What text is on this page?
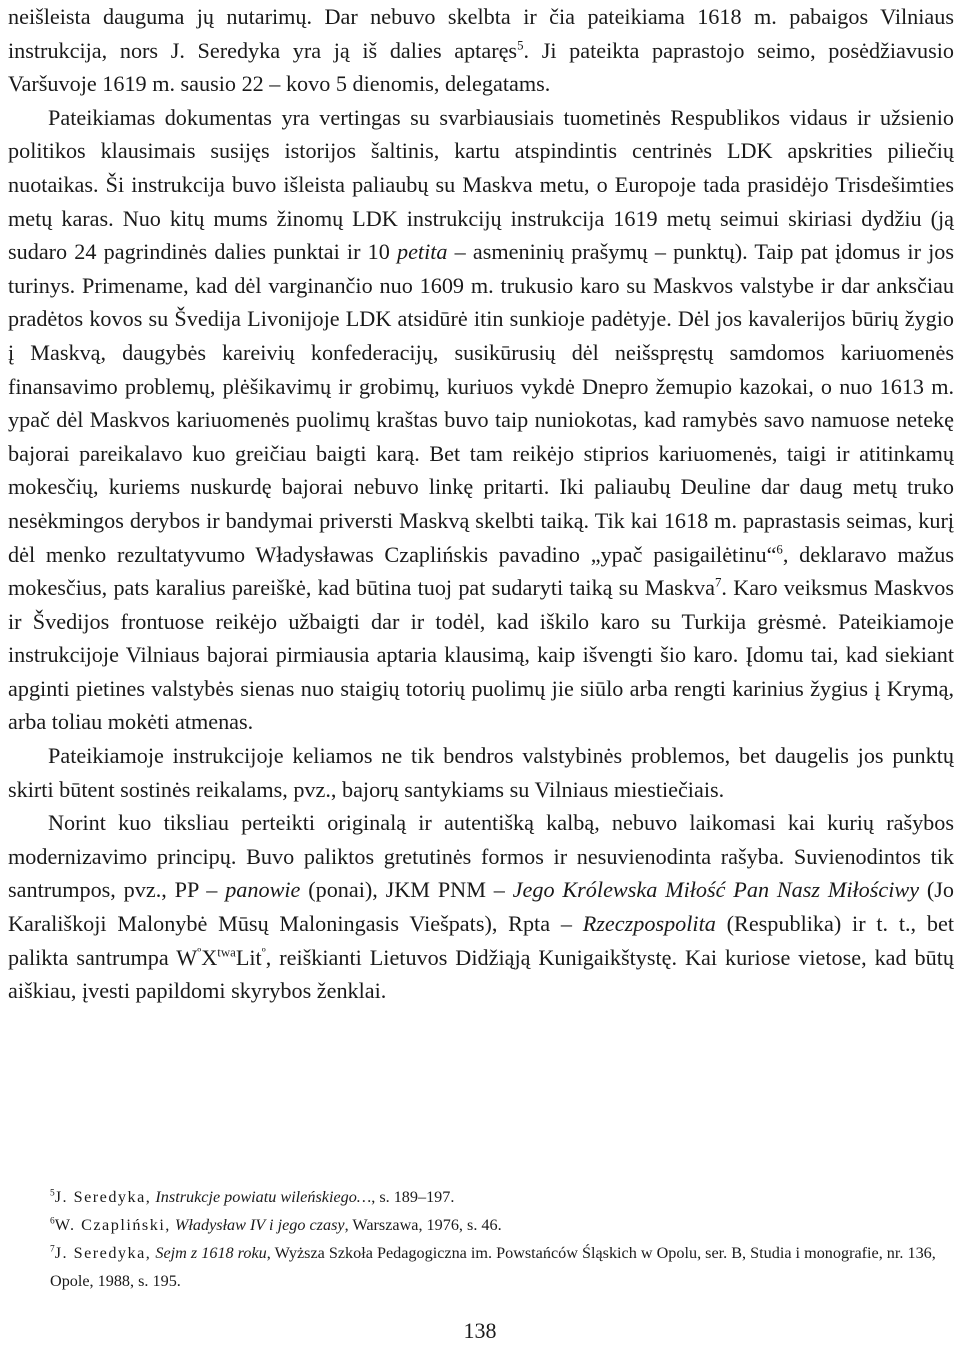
neišleista dauguma jų nutarimų. Dar nebuvo skelbta ir čia pateikiama 1618 m. pabaigos Vilniaus instrukcija, nors J. Seredyka yra ją iš dalies aptaręs$^5$. Ji pateikta paprastojo seimo, posėdžiavusio Varšuvoje 1619 m. sausio 22 – kovo 5 dienomis, delegatams.

Pateikiamas dokumentas yra vertingas su svarbiausiais tuometinės Respublikos vidaus ir užsienio politikos klausimais susijęs istorijos šaltinis, kartu atspindintis centrinės LDK apskrities piliečių nuotaikas. Ši instrukcija buvo išleista paliaubų su Maskva metu, o Europoje tada prasidėjo Trisdešimties metų karas. Nuo kitų mums žinomų LDK instrukcijų instrukcija 1619 metų seimui skiriasi dydžiu (ją sudaro 24 pagrindinės dalies punktai ir 10 petita – asmeninių prašymų – punktų). Taip pat įdomus ir jos turinys. Primename, kad dėl varginančio nuo 1609 m. trukusio karo su Maskvos valstybe ir dar anksčiau pradėtos kovos su Švedija Livonijoje LDK atsidūrė itin sunkioje padėtyje. Dėl jos kavalerijos būrių žygio į Maskvą, daugybės kareivių konfederacijų, susikūrusių dėl neišspręstų samdomos kariuomenės finansavimo problemų, plėšikavimų ir grobimų, kuriuos vykdė Dnepro žemupio kazokai, o nuo 1613 m. ypač dėl Maskvos kariuomenės puolimų kraštas buvo taip nuniokotas, kad ramybės savo namuose netekę bajorai pareikalavo kuo greičiau baigti karą. Bet tam reikėjo stiprios kariuomenės, taigi ir atitinkamų mokesčių, kuriems nuskurdę bajorai nebuvo linkę pritarti. Iki paliaubų Deuline dar daug metų truko nesėkmingos derybos ir bandymai priversti Maskvą skelbti taiką. Tik kai 1618 m. paprastasis seimas, kurį dėl menko rezultatyvumo Władysławas Czaplińskis pavadino „ypač pasigailėtinu“$^6$, deklaravo mažus mokesčius, pats karalius pareiškė, kad būtina tuoj pat sudaryti taiką su Maskva$^7$. Karo veiksmus Maskvos ir Švedijos frontuose reikėjo užbaigti dar ir todėl, kad iškilo karo su Turkija grėsmė. Pateikiamoje instrukcijoje Vilniaus bajorai pirmiausia aptaria klausimą, kaip išvengti šio karo. Įdomu tai, kad siekiant apginti pietines valstybės sienas nuo staigių totorių puolimų jie siūlo arba rengti karinius žygius į Krymą, arba toliau mokėti atmenas.

Pateikiamoje instrukcijoje keliamos ne tik bendros valstybinės problemos, bet daugelis jos punktų skirti būtent sostinės reikalams, pvz., bajorų santykiams su Vilniaus miestiečiais.

Norint kuo tiksliau perteikti originalą ir autentišką kalbą, nebuvo laikomasi kai kurių rašybos modernizavimo principų. Buvo paliktos gretutinės formos ir nesuvienodinta rašyba. Suvienodintos tik santrumpos, pvz., PP – panowie (ponai), JKM PNM – Jego Królewska Miłość Pan Nasz Miłościwy (Jo Karališkoji Malonybė Mūsų Maloningasis Viešpats), Rpta – Rzeczpospolita (Respublika) ir t. t., bet palikta santrumpa $W^ºX^{twa}Lit^º$, reiškianti Lietuvos Didžiąją Kunigaikštystę. Kai kuriose vietose, kad būtų aiškiau, įvesti papildomi skyrybos ženklai.

$^5$J. Seredyka, Instrukcje powiatu wileńskiego…, s. 189–197.

$^6$W. Czapliński, Władysław IV i jego czasy, Warszawa, 1976, s. 46.

$^7$J. Seredyka, Sejm z 1618 roku, Wyższa Szkoła Pedagogiczna im. Powstańców Śląskich w Opolu, ser. B, Studia i monografie, nr. 136, Opole, 1988, s. 195.

138
